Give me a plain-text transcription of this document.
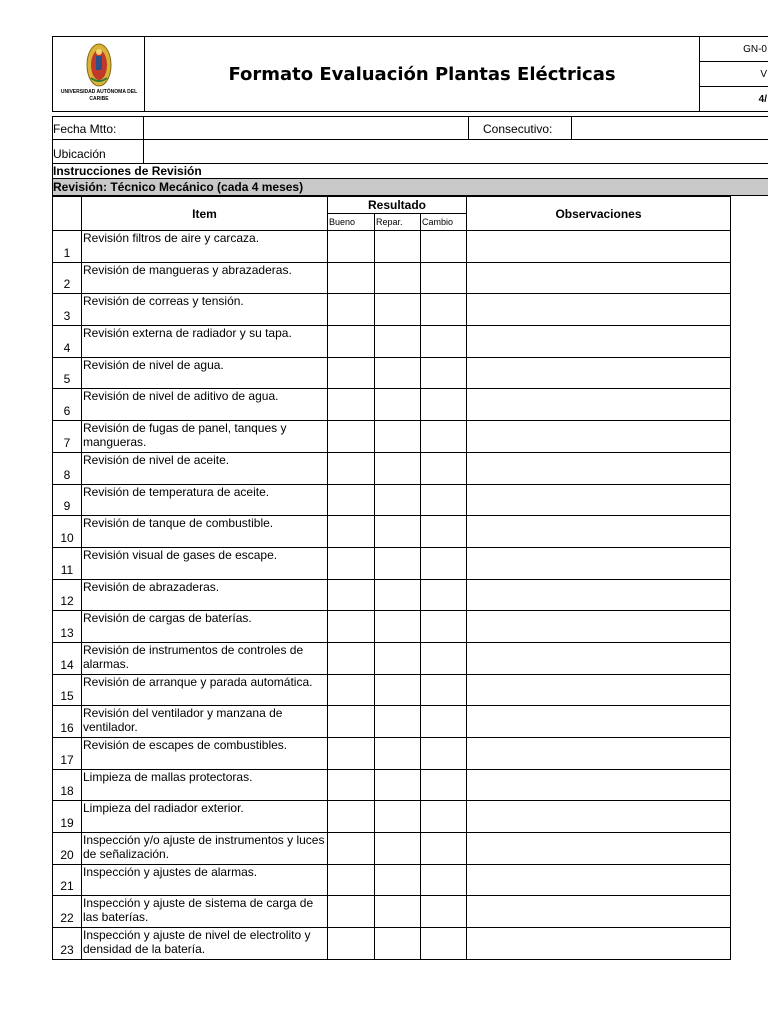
UNIVERSIDAD AUTÓNOMA DEL CARIBE
Formato Evaluación Plantas Eléctricas
GN-0
V
4/
Fecha Mtto:	Consecutivo:
Ubicación
Instrucciones de Revisión
Revisión: Técnico Mecánico (cada 4 meses)
	Item	Resultado			Observaciones
		Bueno	Repar.	Cambio	
1	Revisión filtros de aire y carcaza.				
2	Revisión de mangueras y abrazaderas.				
3	Revisión de correas y tensión.				
4	Revisión externa de radiador y su tapa.				
5	Revisión de nivel de agua.				
6	Revisión de nivel de aditivo de agua.				
7	Revisión de fugas de panel, tanques y mangueras.				
8	Revisión de nivel de aceite.				
9	Revisión de temperatura de aceite.				
10	Revisión de tanque de combustible.				
11	Revisión visual de gases de escape.				
12	Revisión de abrazaderas.				
13	Revisión de cargas de baterías.				
14	Revisión de instrumentos de controles de alarmas.				
15	Revisión de arranque y parada automática.				
16	Revisión del ventilador y manzana de ventilador.				
17	Revisión de escapes de combustibles.				
18	Limpieza de mallas protectoras.				
19	Limpieza del radiador exterior.				
20	Inspección y/o ajuste de instrumentos y luces de señalización.				
21	Inspección y ajustes de alarmas.				
22	Inspección y ajuste de sistema de carga de las baterías.				
23	Inspección y ajuste de nivel de electrolito y densidad de la batería.				
